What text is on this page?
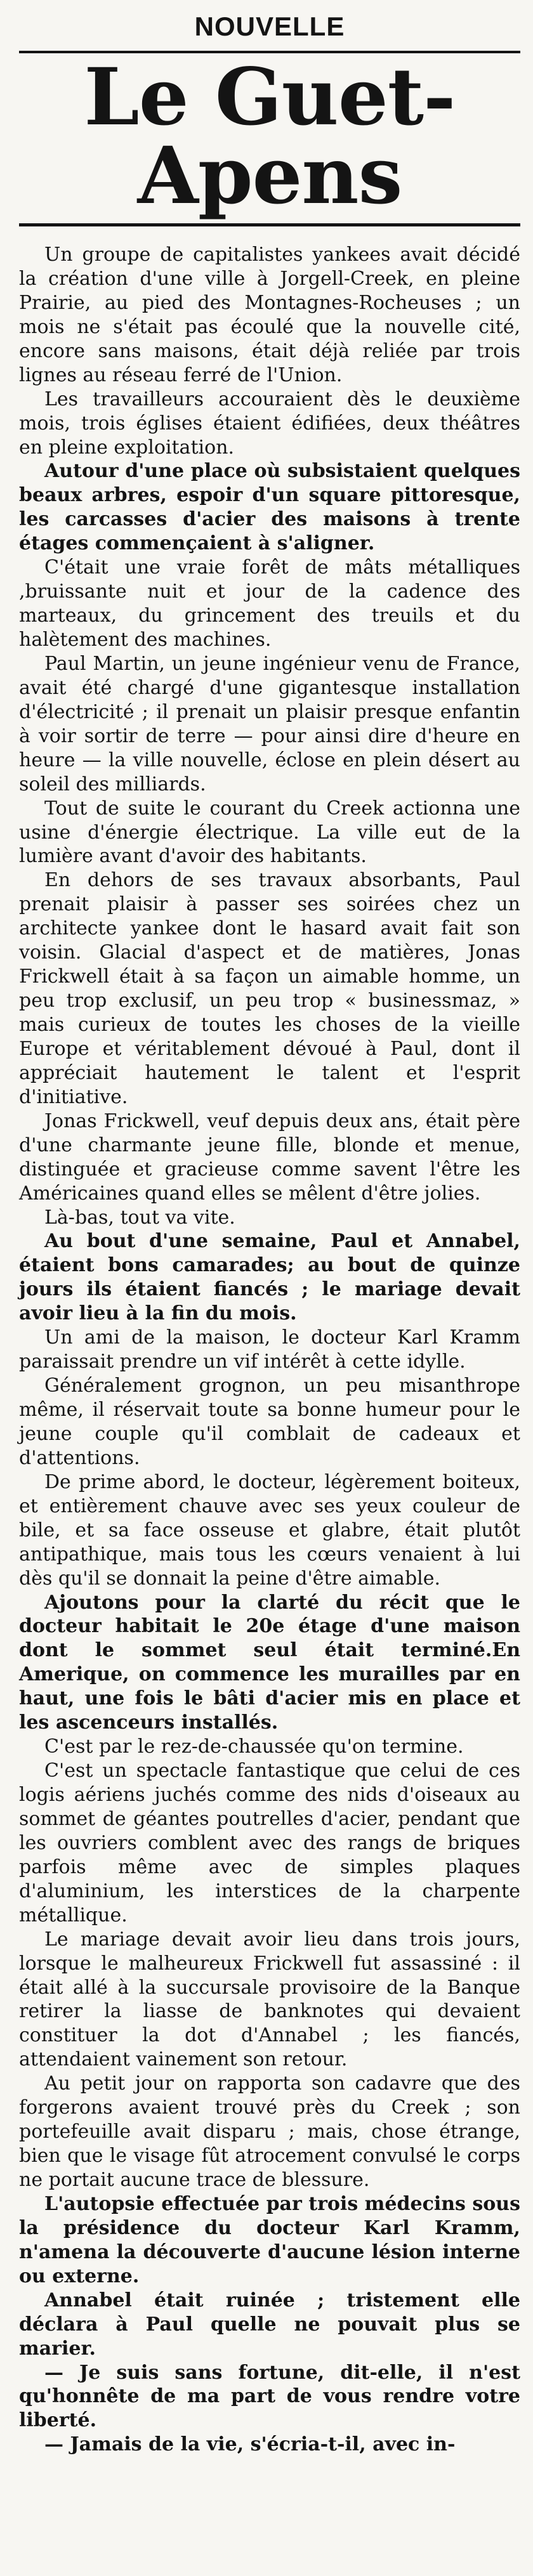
NOUVELLE
Le Guet-Apens

Un groupe de capitalistes yankees avait décidé la création d'une ville à Jorgell-Creek, en pleine Prairie, au pied des Montagnes-Rocheuses ; un mois ne s'était pas écoulé que la nouvelle cité, encore sans maisons, était déjà reliée par trois lignes au réseau ferré de l'Union.

Les travailleurs accouraient dès le deuxième mois, trois églises étaient édifiées, deux théâtres en pleine exploitation.

Autour d'une place où subsistaient quelques beaux arbres, espoir d'un square pittoresque, les carcasses d'acier des maisons à trente étages commençaient à s'aligner.

C'était une vraie forêt de mâts métalliques ,bruissante nuit et jour de la cadence des marteaux, du grincement des treuils et du halètement des machines.

Paul Martin, un jeune ingénieur venu de France, avait été chargé d'une gigantesque installation d'électricité ; il prenait un plaisir presque enfantin à voir sortir de terre — pour ainsi dire d'heure en heure — la ville nouvelle, éclose en plein désert au soleil des milliards.

Tout de suite le courant du Creek actionna une usine d'énergie électrique. La ville eut de la lumière avant d'avoir des habitants.

En dehors de ses travaux absorbants, Paul prenait plaisir à passer ses soirées chez un architecte yankee dont le hasard avait fait son voisin. Glacial d'aspect et de matières, Jonas Frickwell était à sa façon un aimable homme, un peu trop exclusif, un peu trop « businessmaz, » mais curieux de toutes les choses de la vieille Europe et véritablement dévoué à Paul, dont il appréciait hautement le talent et l'esprit d'initiative.

Jonas Frickwell, veuf depuis deux ans, était père d'une charmante jeune fille, blonde et menue, distinguée et gracieuse comme savent l'être les Américaines quand elles se mêlent d'être jolies.

Là-bas, tout va vite.

Au bout d'une semaine, Paul et Annabel, étaient bons camarades; au bout de quinze jours ils étaient fiancés ; le mariage devait avoir lieu à la fin du mois.

Un ami de la maison, le docteur Karl Kramm paraissait prendre un vif intérêt à cette idylle.

Généralement grognon, un peu misanthrope même, il réservait toute sa bonne humeur pour le jeune couple qu'il comblait de cadeaux et d'attentions.

De prime abord, le docteur, légèrement boiteux, et entièrement chauve avec ses yeux couleur de bile, et sa face osseuse et glabre, était plutôt antipathique, mais tous les cœurs venaient à lui dès qu'il se donnait la peine d'être aimable.

Ajoutons pour la clarté du récit que le docteur habitait le 20e étage d'une maison dont le sommet seul était terminé.En Amerique, on commence les murailles par en haut, une fois le bâti d'acier mis en place et les ascenceurs installés.

C'est par le rez-de-chaussée qu'on termine.

C'est un spectacle fantastique que celui de ces logis aériens juchés comme des nids d'oiseaux au sommet de géantes poutrelles d'acier, pendant que les ouvriers comblent avec des rangs de briques parfois même avec de simples plaques d'aluminium, les interstices de la charpente métallique.

Le mariage devait avoir lieu dans trois jours, lorsque le malheureux Frickwell fut assassiné : il était allé à la succursale provisoire de la Banque retirer la liasse de banknotes qui devaient constituer la dot d'Annabel ; les fiancés, attendaient vainement son retour.

Au petit jour on rapporta son cadavre que des forgerons avaient trouvé près du Creek ; son portefeuille avait disparu ; mais, chose étrange, bien que le visage fût atrocement convulsé le corps ne portait aucune trace de blessure.

L'autopsie effectuée par trois médecins sous la présidence du docteur Karl Kramm, n'amena la découverte d'aucune lésion interne ou externe.

Annabel était ruinée ; tristement elle déclara à Paul quelle ne pouvait plus se marier.

— Je suis sans fortune, dit-elle, il n'est qu'honnête de ma part de vous rendre votre liberté.

— Jamais de la vie, s'écria-t-il, avec in-
